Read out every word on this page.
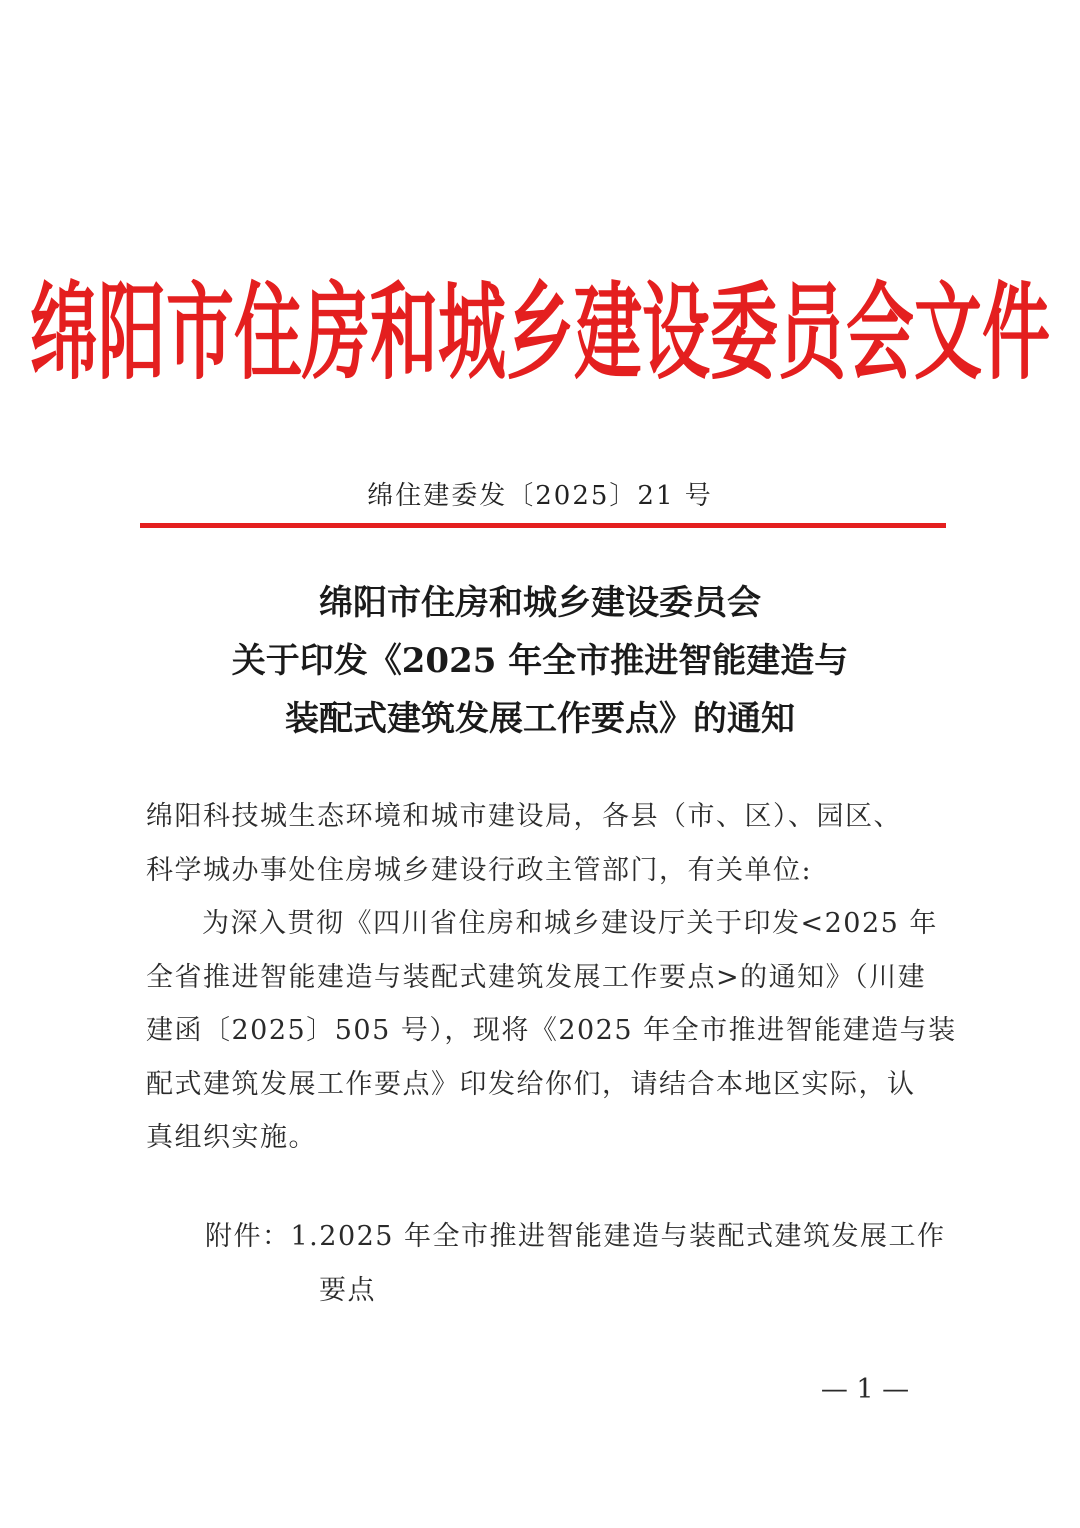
绵阳市住房和城乡建设委员会文件
绵住建委发〔2025〕21 号
绵阳市住房和城乡建设委员会
关于印发《2025 年全市推进智能建造与
装配式建筑发展工作要点》的通知
绵阳科技城生态环境和城市建设局，各县（市、区）、园区、
科学城办事处住房城乡建设行政主管部门，有关单位:
为深入贯彻《四川省住房和城乡建设厅关于印发<2025 年
全省推进智能建造与装配式建筑发展工作要点>的通知》（川建
建函〔2025〕505 号），现将《2025 年全市推进智能建造与装
配式建筑发展工作要点》印发给你们，请结合本地区实际，认
真组织实施。
附件：1.2025 年全市推进智能建造与装配式建筑发展工作
要点
— 1 —
